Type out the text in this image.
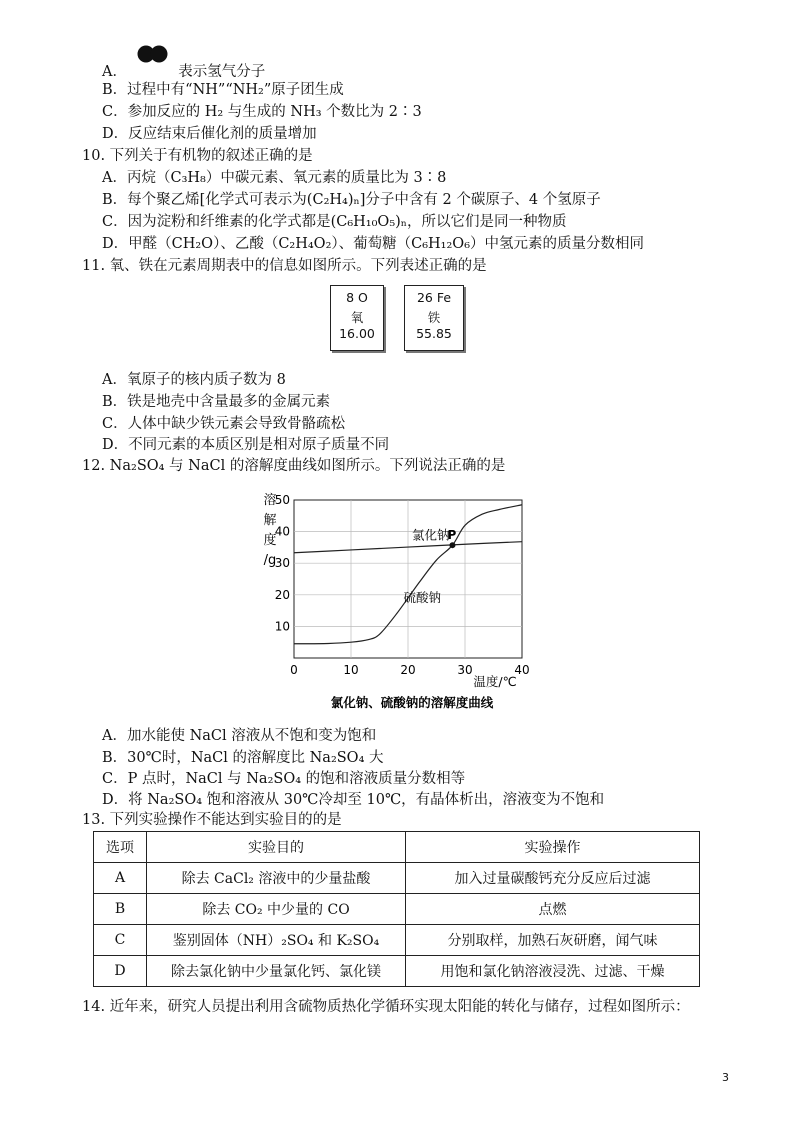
A．	表示氢气分子
B．过程中有“NH”“NH₂”原子团生成
C．参加反应的 H₂ 与生成的 NH₃ 个数比为 2∶3
D．反应结束后催化剂的质量增加
10. 下列关于有机物的叙述正确的是
A．丙烷（C₃H₈）中碳元素、氧元素的质量比为 3∶8
B．每个聚乙烯[化学式可表示为(C₂H₄)ₙ]分子中含有 2 个碳原子、4 个氢原子
C．因为淀粉和纤维素的化学式都是(C₆H₁₀O₅)ₙ，所以它们是同一种物质
D．甲醛（CH₂O）、乙酸（C₂H₄O₂）、葡萄糖（C₆H₁₂O₆）中氢元素的质量分数相同
11. 氧、铁在元素周期表中的信息如图所示。下列表述正确的是
8 O
氧
16.00
26 Fe
铁
55.85
A．氧原子的核内质子数为 8
B．铁是地壳中含量最多的金属元素
C．人体中缺少铁元素会导致骨骼疏松
D．不同元素的本质区别是相对原子质量不同
12. Na₂SO₄ 与 NaCl 的溶解度曲线如图所示。下列说法正确的是
10
20
30
40
50
0	10	20	30	40
氯化钠
硫酸钠
P
溶
解
度
/g
温度/℃
氯化钠、硫酸钠的溶解度曲线
A．加水能使 NaCl 溶液从不饱和变为饱和
B．30℃时，NaCl 的溶解度比 Na₂SO₄ 大
C．P 点时，NaCl 与 Na₂SO₄ 的饱和溶液质量分数相等
D．将 Na₂SO₄ 饱和溶液从 30℃冷却至 10℃，有晶体析出，溶液变为不饱和
13. 下列实验操作不能达到实验目的的是
选项	实验目的	实验操作
A	除去 CaCl₂ 溶液中的少量盐酸	加入过量碳酸钙充分反应后过滤
B	除去 CO₂ 中少量的 CO	点燃
C	鉴别固体（NH）₂SO₄ 和 K₂SO₄	分别取样，加熟石灰研磨，闻气味
D	除去氯化钠中少量氯化钙、氯化镁	用饱和氯化钠溶液浸洗、过滤、干燥
14. 近年来，研究人员提出利用含硫物质热化学循环实现太阳能的转化与储存，过程如图所示：
3
